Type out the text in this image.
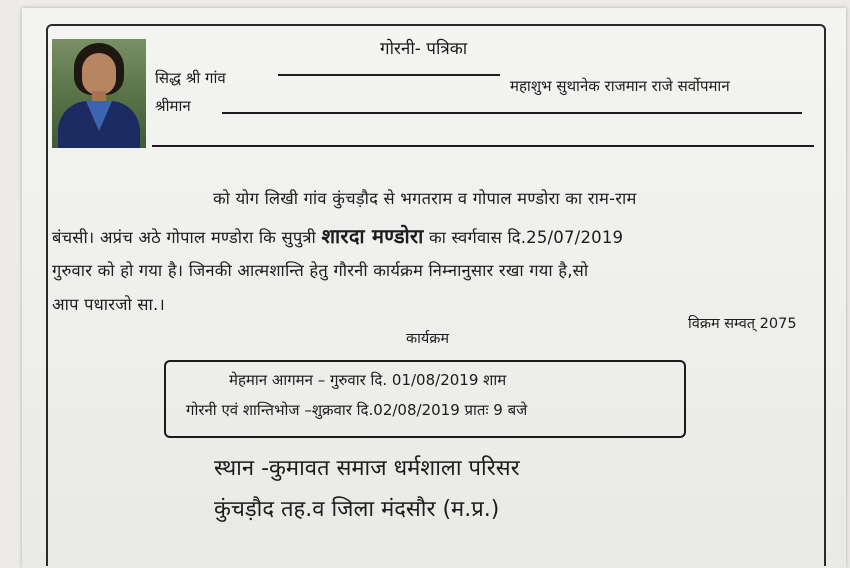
गोरनी- पत्रिका
सिद्ध श्री गांव	महाशुभ सुथानेक राजमान राजे सर्वोपमान
श्रीमान
को योग लिखी गांव कुंचड़ौद से भगतराम व गोपाल मण्डोरा का राम-राम
बंचसी। अप्रंच अठे गोपाल मण्डोरा कि सुपुत्री शारदा मण्डोरा का स्वर्गवास दि.25/07/2019
गुरुवार को हो गया है। जिनकी आत्मशान्ति हेतु गौरनी कार्यक्रम निम्नानुसार रखा गया है,सो
आप पधारजो सा.।
विक्रम सम्वत् 2075
कार्यक्रम
मेहमान आगमन – गुरुवार दि. 01/08/2019 शाम
गोरनी एवं शान्तिभोज –शुक्रवार दि.02/08/2019 प्रातः 9 बजे
स्थान -कुमावत समाज धर्मशाला परिसर
कुंचड़ौद तह.व जिला मंदसौर (म.प्र.)
